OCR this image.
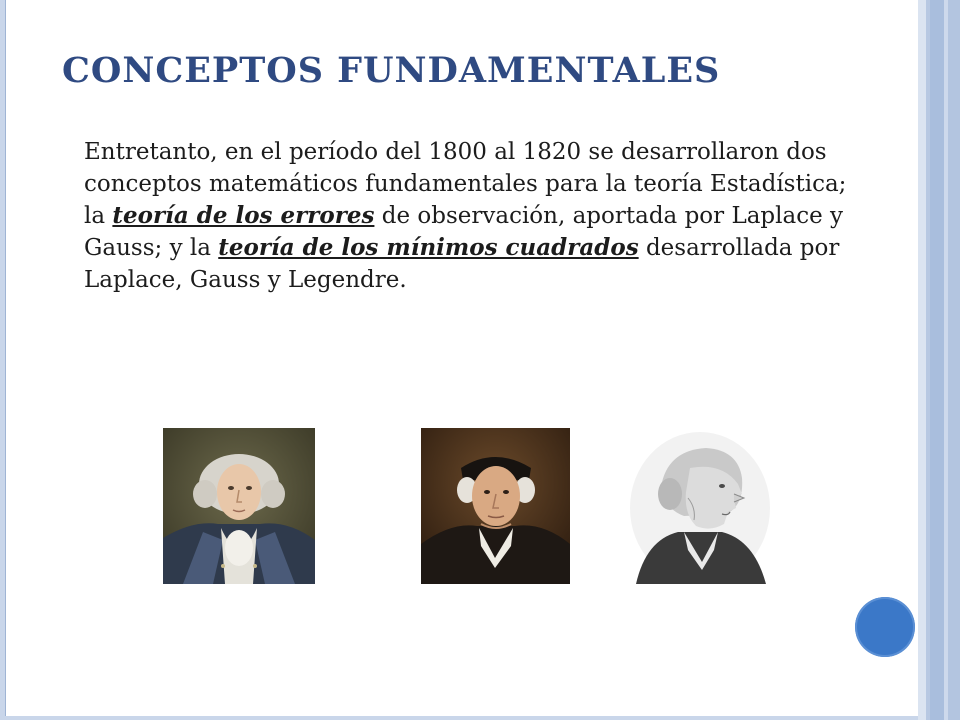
CONCEPTOS FUNDAMENTALES
Entretanto, en el período del 1800 al 1820 se desarrollaron dos conceptos matemáticos fundamentales para la teoría Estadística; la teoría de los errores de observación, aportada por Laplace y Gauss; y la teoría de los mínimos cuadrados desarrollada por Laplace, Gauss y Legendre.
